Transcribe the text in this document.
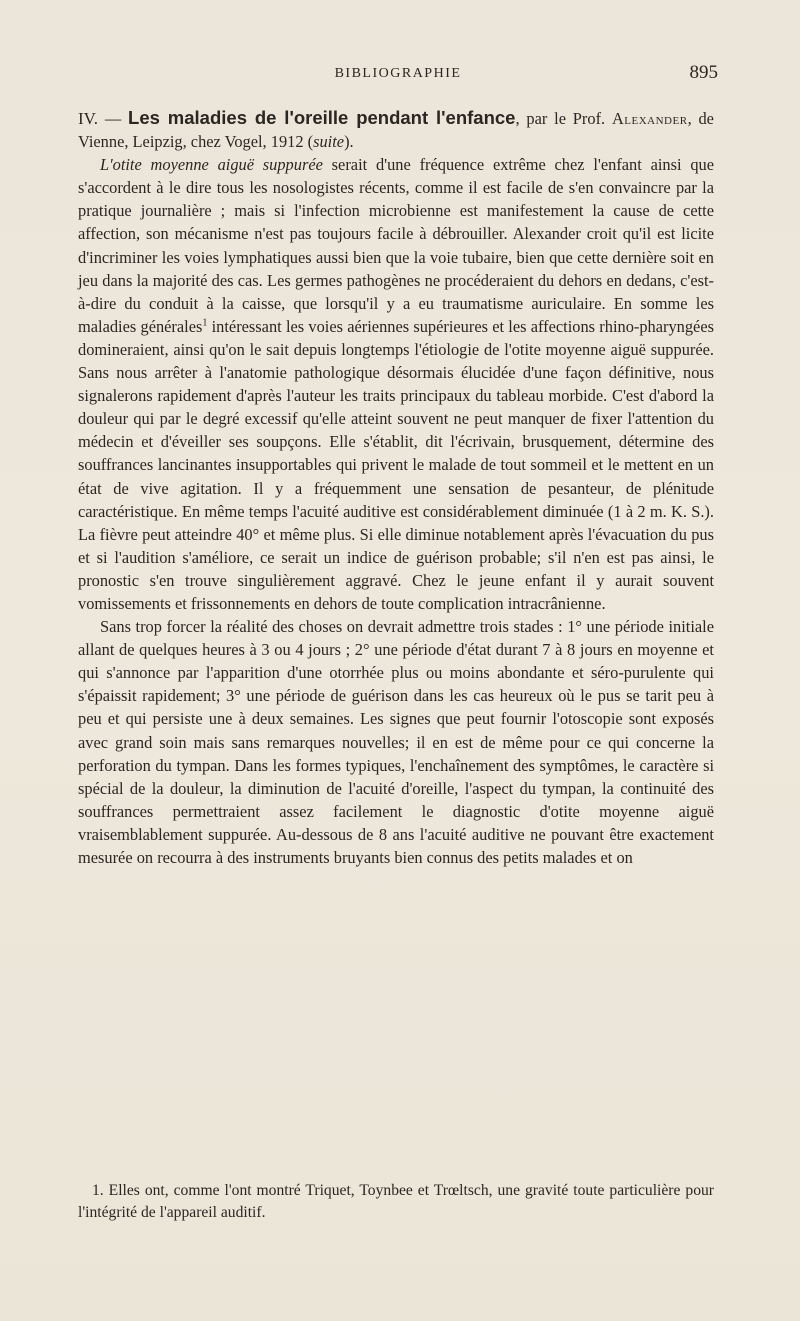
BIBLIOGRAPHIE	895

IV. — Les maladies de l'oreille pendant l'enfance, par le Prof. Alexander, de Vienne, Leipzig, chez Vogel, 1912 (suite).

L'otite moyenne aiguë suppurée serait d'une fréquence extrême chez l'enfant ainsi que s'accordent à le dire tous les nosologistes récents, comme il est facile de s'en convaincre par la pratique journalière ; mais si l'infection microbienne est manifestement la cause de cette affection, son mécanisme n'est pas toujours facile à débrouiller. Alexander croit qu'il est licite d'incriminer les voies lymphatiques aussi bien que la voie tubaire, bien que cette dernière soit en jeu dans la majorité des cas. Les germes pathogènes ne procéderaient du dehors en dedans, c'est-à-dire du conduit à la caisse, que lorsqu'il y a eu traumatisme auriculaire. En somme les maladies générales$^1$ intéressant les voies aériennes supérieures et les affections rhino-pharyngées domineraient, ainsi qu'on le sait depuis longtemps l'étiologie de l'otite moyenne aiguë suppurée. Sans nous arrêter à l'anatomie pathologique désormais élucidée d'une façon définitive, nous signalerons rapidement d'après l'auteur les traits principaux du tableau morbide. C'est d'abord la douleur qui par le degré excessif qu'elle atteint souvent ne peut manquer de fixer l'attention du médecin et d'éveiller ses soupçons. Elle s'établit, dit l'écrivain, brusquement, détermine des souffrances lancinantes insupportables qui privent le malade de tout sommeil et le mettent en un état de vive agitation. Il y a fréquemment une sensation de pesanteur, de plénitude caractéristique. En même temps l'acuité auditive est considérablement diminuée (1 à 2 m. K. S.). La fièvre peut atteindre 40° et même plus. Si elle diminue notablement après l'évacuation du pus et si l'audition s'améliore, ce serait un indice de guérison probable; s'il n'en est pas ainsi, le pronostic s'en trouve singulièrement aggravé. Chez le jeune enfant il y aurait souvent vomissements et frissonnements en dehors de toute complication intracrânienne.

Sans trop forcer la réalité des choses on devrait admettre trois stades : 1° une période initiale allant de quelques heures à 3 ou 4 jours ; 2° une période d'état durant 7 à 8 jours en moyenne et qui s'annonce par l'apparition d'une otorrhée plus ou moins abondante et séro-purulente qui s'épaissit rapidement; 3° une période de guérison dans les cas heureux où le pus se tarit peu à peu et qui persiste une à deux semaines. Les signes que peut fournir l'otoscopie sont exposés avec grand soin mais sans remarques nouvelles; il en est de même pour ce qui concerne la perforation du tympan. Dans les formes typiques, l'enchaînement des symptômes, le caractère si spécial de la douleur, la diminution de l'acuité d'oreille, l'aspect du tympan, la continuité des souffrances permettraient assez facilement le diagnostic d'otite moyenne aiguë vraisemblablement suppurée. Au-dessous de 8 ans l'acuité auditive ne pouvant être exactement mesurée on recourra à des instruments bruyants bien connus des petits malades et on

1. Elles ont, comme l'ont montré Triquet, Toynbee et Trœltsch, une gravité toute particulière pour l'intégrité de l'appareil auditif.
